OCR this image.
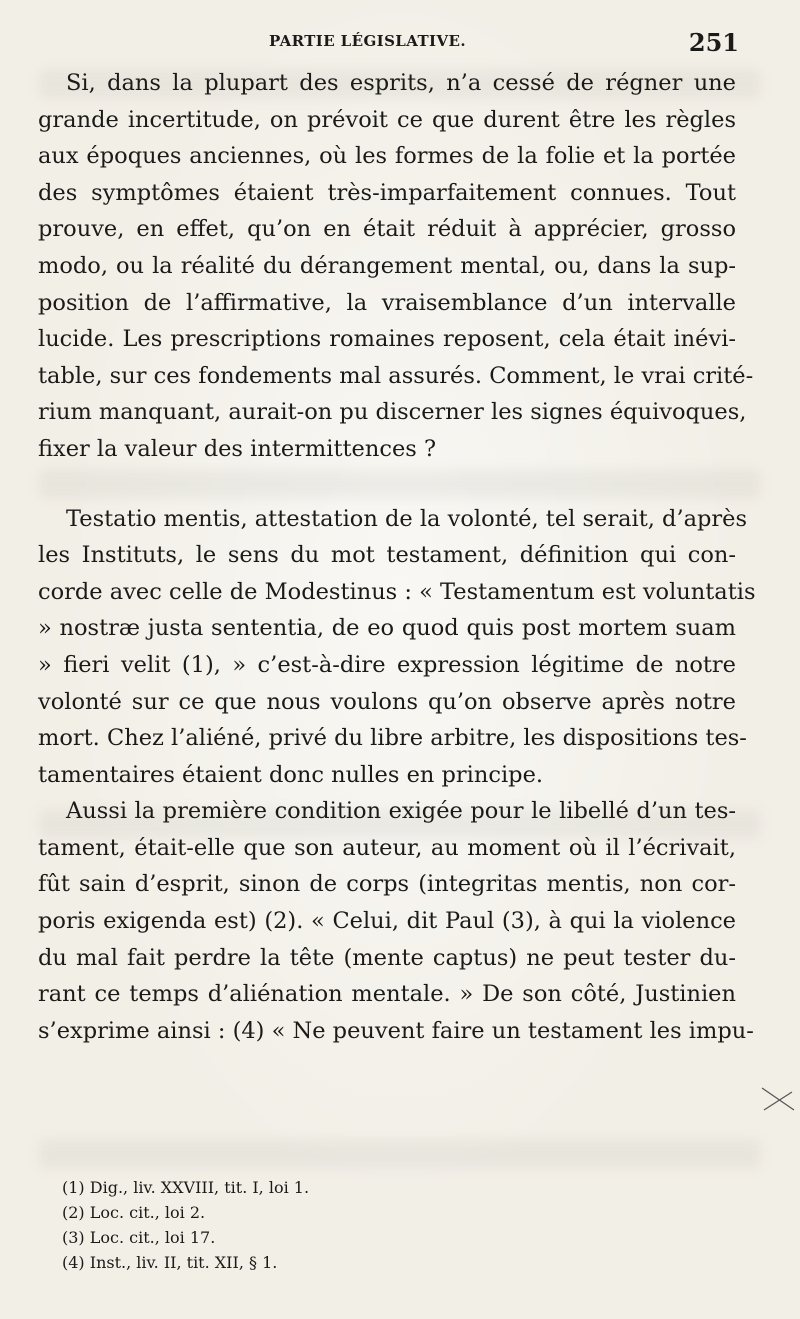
PARTIE LÉGISLATIVE.	251
Si, dans la plupart des esprits, n’a cessé de régner une
grande incertitude, on prévoit ce que durent être les règles
aux époques anciennes, où les formes de la folie et la portée
des symptômes étaient très-imparfaitement connues. Tout
prouve, en effet, qu’on en était réduit à apprécier, grosso
modo, ou la réalité du dérangement mental, ou, dans la sup-
position de l’affirmative, la vraisemblance d’un intervalle
lucide. Les prescriptions romaines reposent, cela était inévi-
table, sur ces fondements mal assurés. Comment, le vrai crité-
rium manquant, aurait-on pu discerner les signes équivoques,
fixer la valeur des intermittences ?
Testatio mentis, attestation de la volonté, tel serait, d’après
les Instituts, le sens du mot testament, définition qui con-
corde avec celle de Modestinus : « Testamentum est voluntatis
» nostræ justa sententia, de eo quod quis post mortem suam
» fieri velit (1), » c’est-à-dire expression légitime de notre
volonté sur ce que nous voulons qu’on observe après notre
mort. Chez l’aliéné, privé du libre arbitre, les dispositions tes-
tamentaires étaient donc nulles en principe.
Aussi la première condition exigée pour le libellé d’un tes-
tament, était-elle que son auteur, au moment où il l’écrivait,
fût sain d’esprit, sinon de corps (integritas mentis, non cor-
poris exigenda est) (2). « Celui, dit Paul (3), à qui la violence
du mal fait perdre la tête (mente captus) ne peut tester du-
rant ce temps d’aliénation mentale. » De son côté, Justinien
s’exprime ainsi : (4) « Ne peuvent faire un testament les impu-
(1) Dig., liv. XXVIII, tit. I, loi 1.
(2) Loc. cit., loi 2.
(3) Loc. cit., loi 17.
(4) Inst., liv. II, tit. XII, § 1.
